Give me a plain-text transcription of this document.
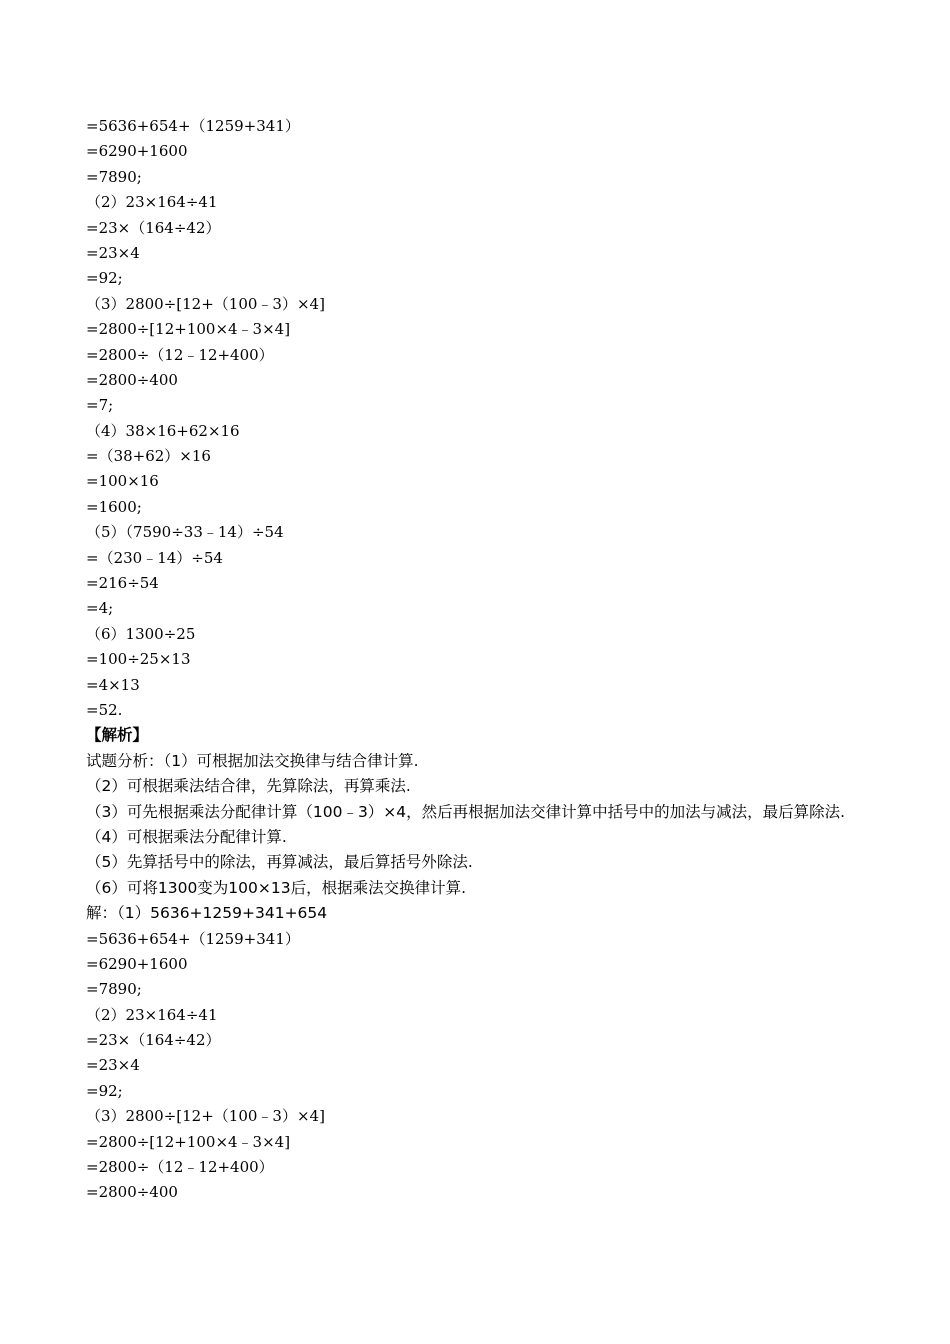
=5636+654+（1259+341）
=6290+1600
=7890;
（2）23×164÷41
=23×（164÷42）
=23×4
=92;
（3）2800÷[12+（100﹣3）×4]
=2800÷[12+100×4﹣3×4]
=2800÷（12﹣12+400）
=2800÷400
=7;
（4）38×16+62×16
=（38+62）×16
=100×16
=1600;
（5）（7590÷33﹣14）÷54
=（230﹣14）÷54
=216÷54
=4;
（6）1300÷25
=100÷25×13
=4×13
=52.
【解析】
试题分析：（1）可根据加法交换律与结合律计算.
（2）可根据乘法结合律，先算除法，再算乘法.
（3）可先根据乘法分配律计算（100﹣3）×4，然后再根据加法交律计算中括号中的加法与减法，最后算除法.
（4）可根据乘法分配律计算.
（5）先算括号中的除法，再算减法，最后算括号外除法.
（6）可将1300变为100×13后，根据乘法交换律计算.
解：（1）5636+1259+341+654
=5636+654+（1259+341）
=6290+1600
=7890;
（2）23×164÷41
=23×（164÷42）
=23×4
=92;
（3）2800÷[12+（100﹣3）×4]
=2800÷[12+100×4﹣3×4]
=2800÷（12﹣12+400）
=2800÷400
